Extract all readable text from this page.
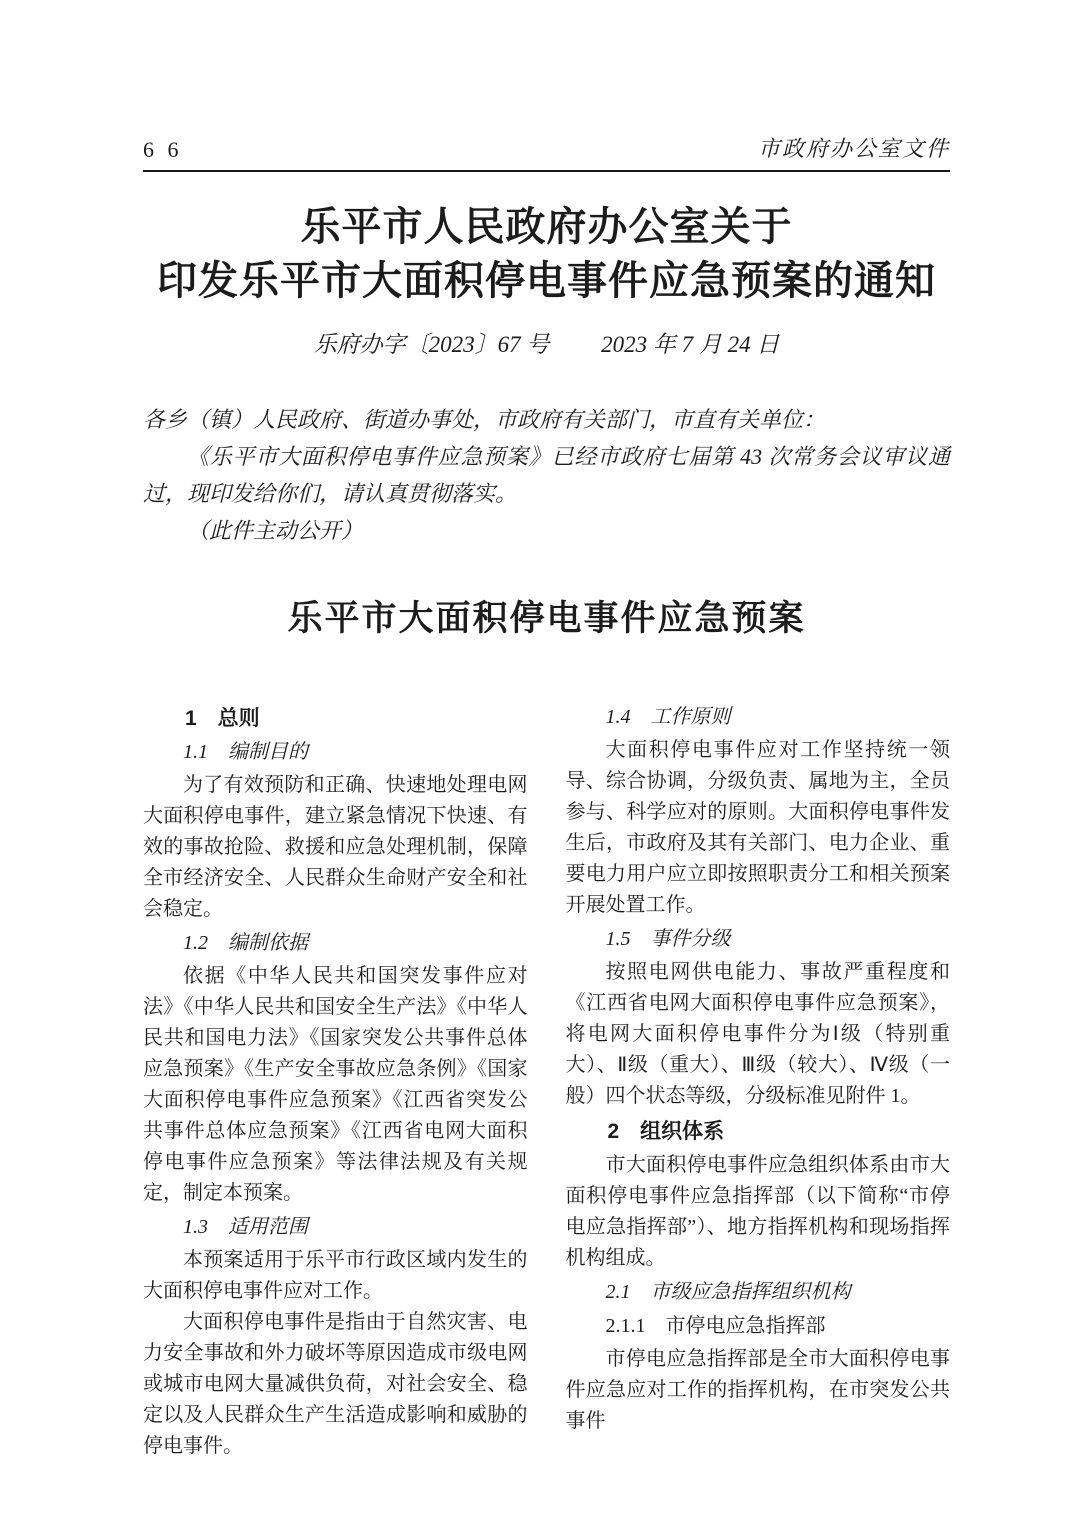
6 6	市政府办公室文件
乐平市人民政府办公室关于
印发乐平市大面积停电事件应急预案的通知
乐府办字〔2023〕67 号 2023 年 7 月 24 日
各乡（镇）人民政府、街道办事处，市政府有关部门，市直有关单位：
《乐平市大面积停电事件应急预案》已经市政府七届第 43 次常务会议审议通过，现印发给你们，请认真贯彻落实。
（此件主动公开）
乐平市大面积停电事件应急预案
1　总则
1.1　编制目的
为了有效预防和正确、快速地处理电网大面积停电事件，建立紧急情况下快速、有效的事故抢险、救援和应急处理机制，保障全市经济安全、人民群众生命财产安全和社会稳定。
1.2　编制依据
依据《中华人民共和国突发事件应对法》《中华人民共和国安全生产法》《中华人民共和国电力法》《国家突发公共事件总体应急预案》《生产安全事故应急条例》《国家大面积停电事件应急预案》《江西省突发公共事件总体应急预案》《江西省电网大面积停电事件应急预案》等法律法规及有关规定，制定本预案。
1.3　适用范围
本预案适用于乐平市行政区域内发生的大面积停电事件应对工作。
大面积停电事件是指由于自然灾害、电力安全事故和外力破坏等原因造成市级电网或城市电网大量减供负荷，对社会安全、稳定以及人民群众生产生活造成影响和威胁的停电事件。
1.4　工作原则
大面积停电事件应对工作坚持统一领导、综合协调，分级负责、属地为主，全员参与、科学应对的原则。大面积停电事件发生后，市政府及其有关部门、电力企业、重要电力用户应立即按照职责分工和相关预案开展处置工作。
1.5　事件分级
按照电网供电能力、事故严重程度和《江西省电网大面积停电事件应急预案》，将电网大面积停电事件分为Ⅰ级（特别重大）、Ⅱ级（重大）、Ⅲ级（较大）、Ⅳ级（一般）四个状态等级，分级标准见附件 1。
2　组织体系
市大面积停电事件应急组织体系由市大面积停电事件应急指挥部（以下简称“市停电应急指挥部”）、地方指挥机构和现场指挥机构组成。
2.1　市级应急指挥组织机构
2.1.1　市停电应急指挥部
市停电应急指挥部是全市大面积停电事件应急应对工作的指挥机构，在市突发公共事件
